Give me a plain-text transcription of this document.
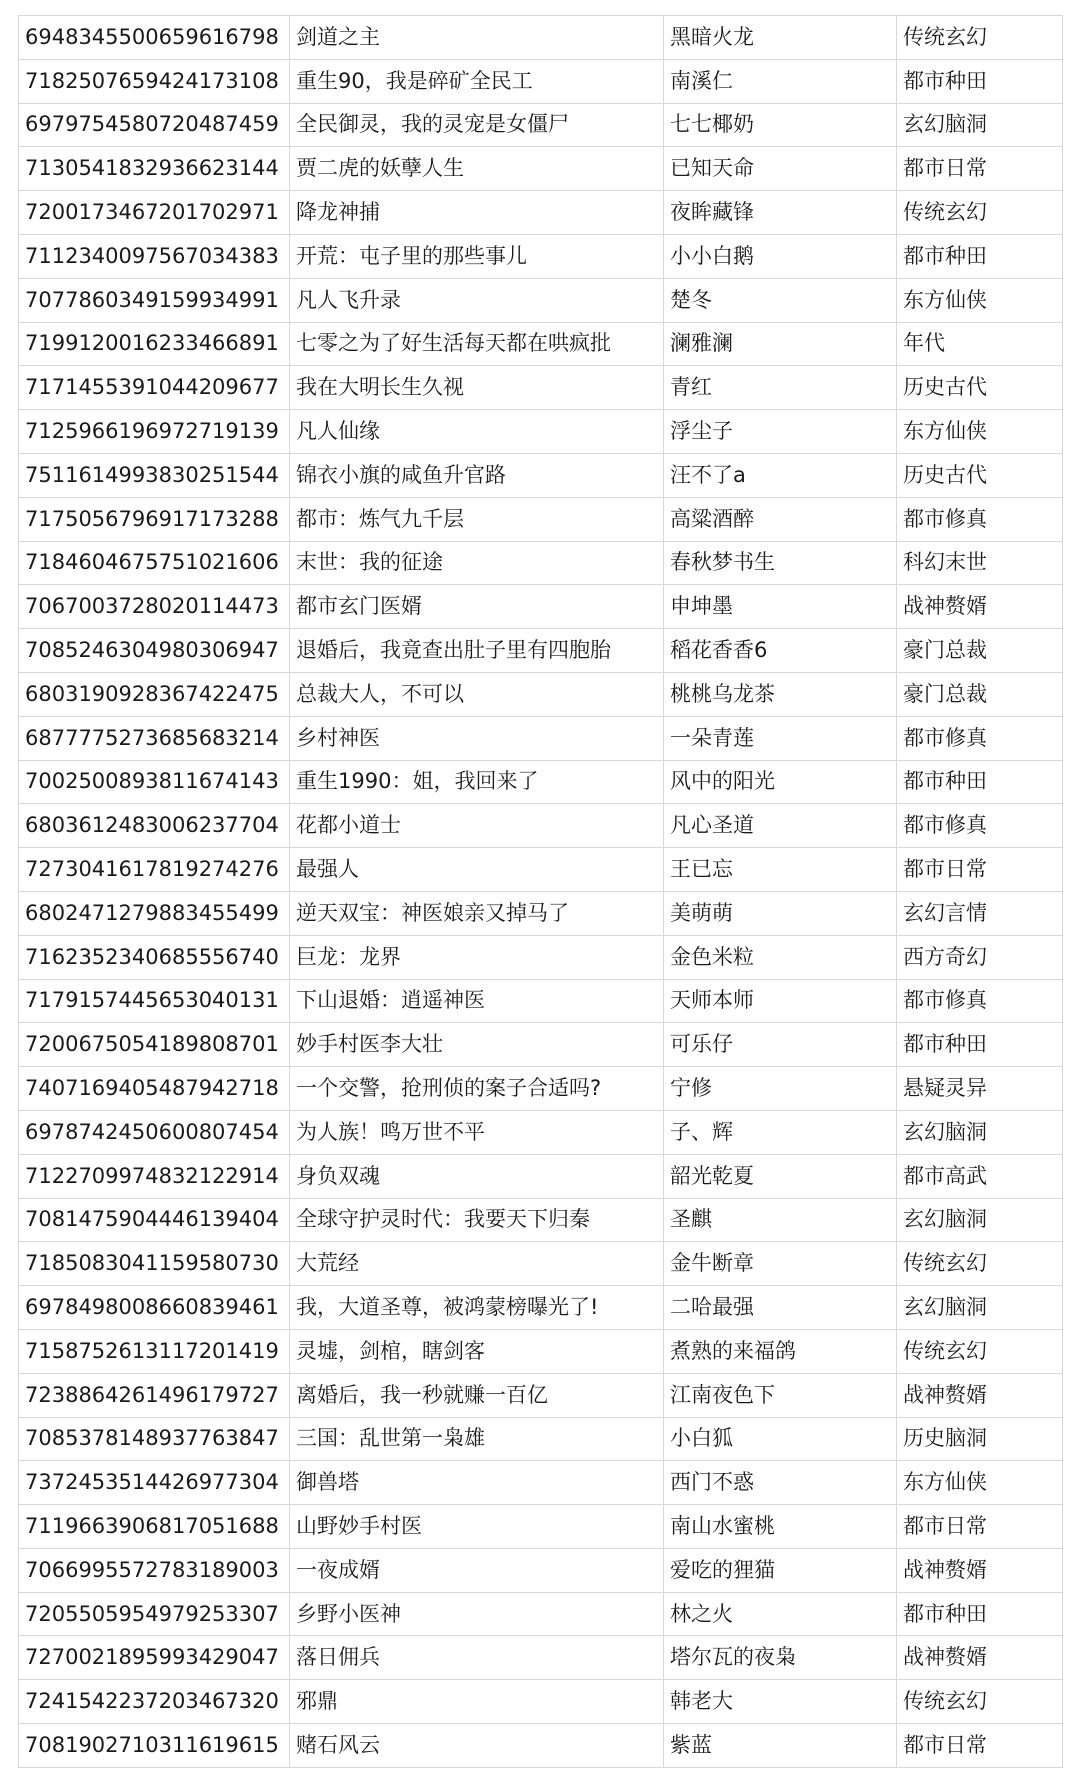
6948345500659616798	剑道之主	黑暗火龙	传统玄幻
7182507659424173108	重生90，我是碎矿全民工	南溪仁	都市种田
6979754580720487459	全民御灵，我的灵宠是女僵尸	七七椰奶	玄幻脑洞
7130541832936623144	贾二虎的妖孽人生	已知天命	都市日常
7200173467201702971	降龙神捕	夜眸藏锋	传统玄幻
7112340097567034383	开荒：屯子里的那些事儿	小小白鹅	都市种田
7077860349159934991	凡人飞升录	楚冬	东方仙侠
7199120016233466891	七零之为了好生活每天都在哄疯批	澜雅澜	年代
7171455391044209677	我在大明长生久视	青红	历史古代
7125966196972719139	凡人仙缘	浮尘子	东方仙侠
7511614993830251544	锦衣小旗的咸鱼升官路	汪不了a	历史古代
7175056796917173288	都市：炼气九千层	高粱酒醉	都市修真
7184604675751021606	末世：我的征途	春秋梦书生	科幻末世
7067003728020114473	都市玄门医婿	申坤墨	战神赘婿
7085246304980306947	退婚后，我竟查出肚子里有四胞胎	稻花香香6	豪门总裁
6803190928367422475	总裁大人，不可以	桃桃乌龙茶	豪门总裁
6877775273685683214	乡村神医	一朵青莲	都市修真
7002500893811674143	重生1990：姐，我回来了	风中的阳光	都市种田
6803612483006237704	花都小道士	凡心圣道	都市修真
7273041617819274276	最强人	王已忘	都市日常
6802471279883455499	逆天双宝：神医娘亲又掉马了	美萌萌	玄幻言情
7162352340685556740	巨龙：龙界	金色米粒	西方奇幻
7179157445653040131	下山退婚：逍遥神医	天师本师	都市修真
7200675054189808701	妙手村医李大壮	可乐仔	都市种田
7407169405487942718	一个交警，抢刑侦的案子合适吗?	宁修	悬疑灵异
6978742450600807454	为人族！鸣万世不平	子、辉	玄幻脑洞
7122709974832122914	身负双魂	韶光乾夏	都市高武
7081475904446139404	全球守护灵时代：我要天下归秦	圣麒	玄幻脑洞
7185083041159580730	大荒经	金牛断章	传统玄幻
6978498008660839461	我，大道圣尊，被鸿蒙榜曝光了!	二哈最强	玄幻脑洞
7158752613117201419	灵墟，剑棺，瞎剑客	煮熟的来福鸽	传统玄幻
7238864261496179727	离婚后，我一秒就赚一百亿	江南夜色下	战神赘婿
7085378148937763847	三国：乱世第一枭雄	小白狐	历史脑洞
7372453514426977304	御兽塔	西门不惑	东方仙侠
7119663906817051688	山野妙手村医	南山水蜜桃	都市日常
7066995572783189003	一夜成婿	爱吃的狸猫	战神赘婿
7205505954979253307	乡野小医神	林之火	都市种田
7270021895993429047	落日佣兵	塔尔瓦的夜枭	战神赘婿
7241542237203467320	邪鼎	韩老大	传统玄幻
7081902710311619615	赌石风云	紫蓝	都市日常
